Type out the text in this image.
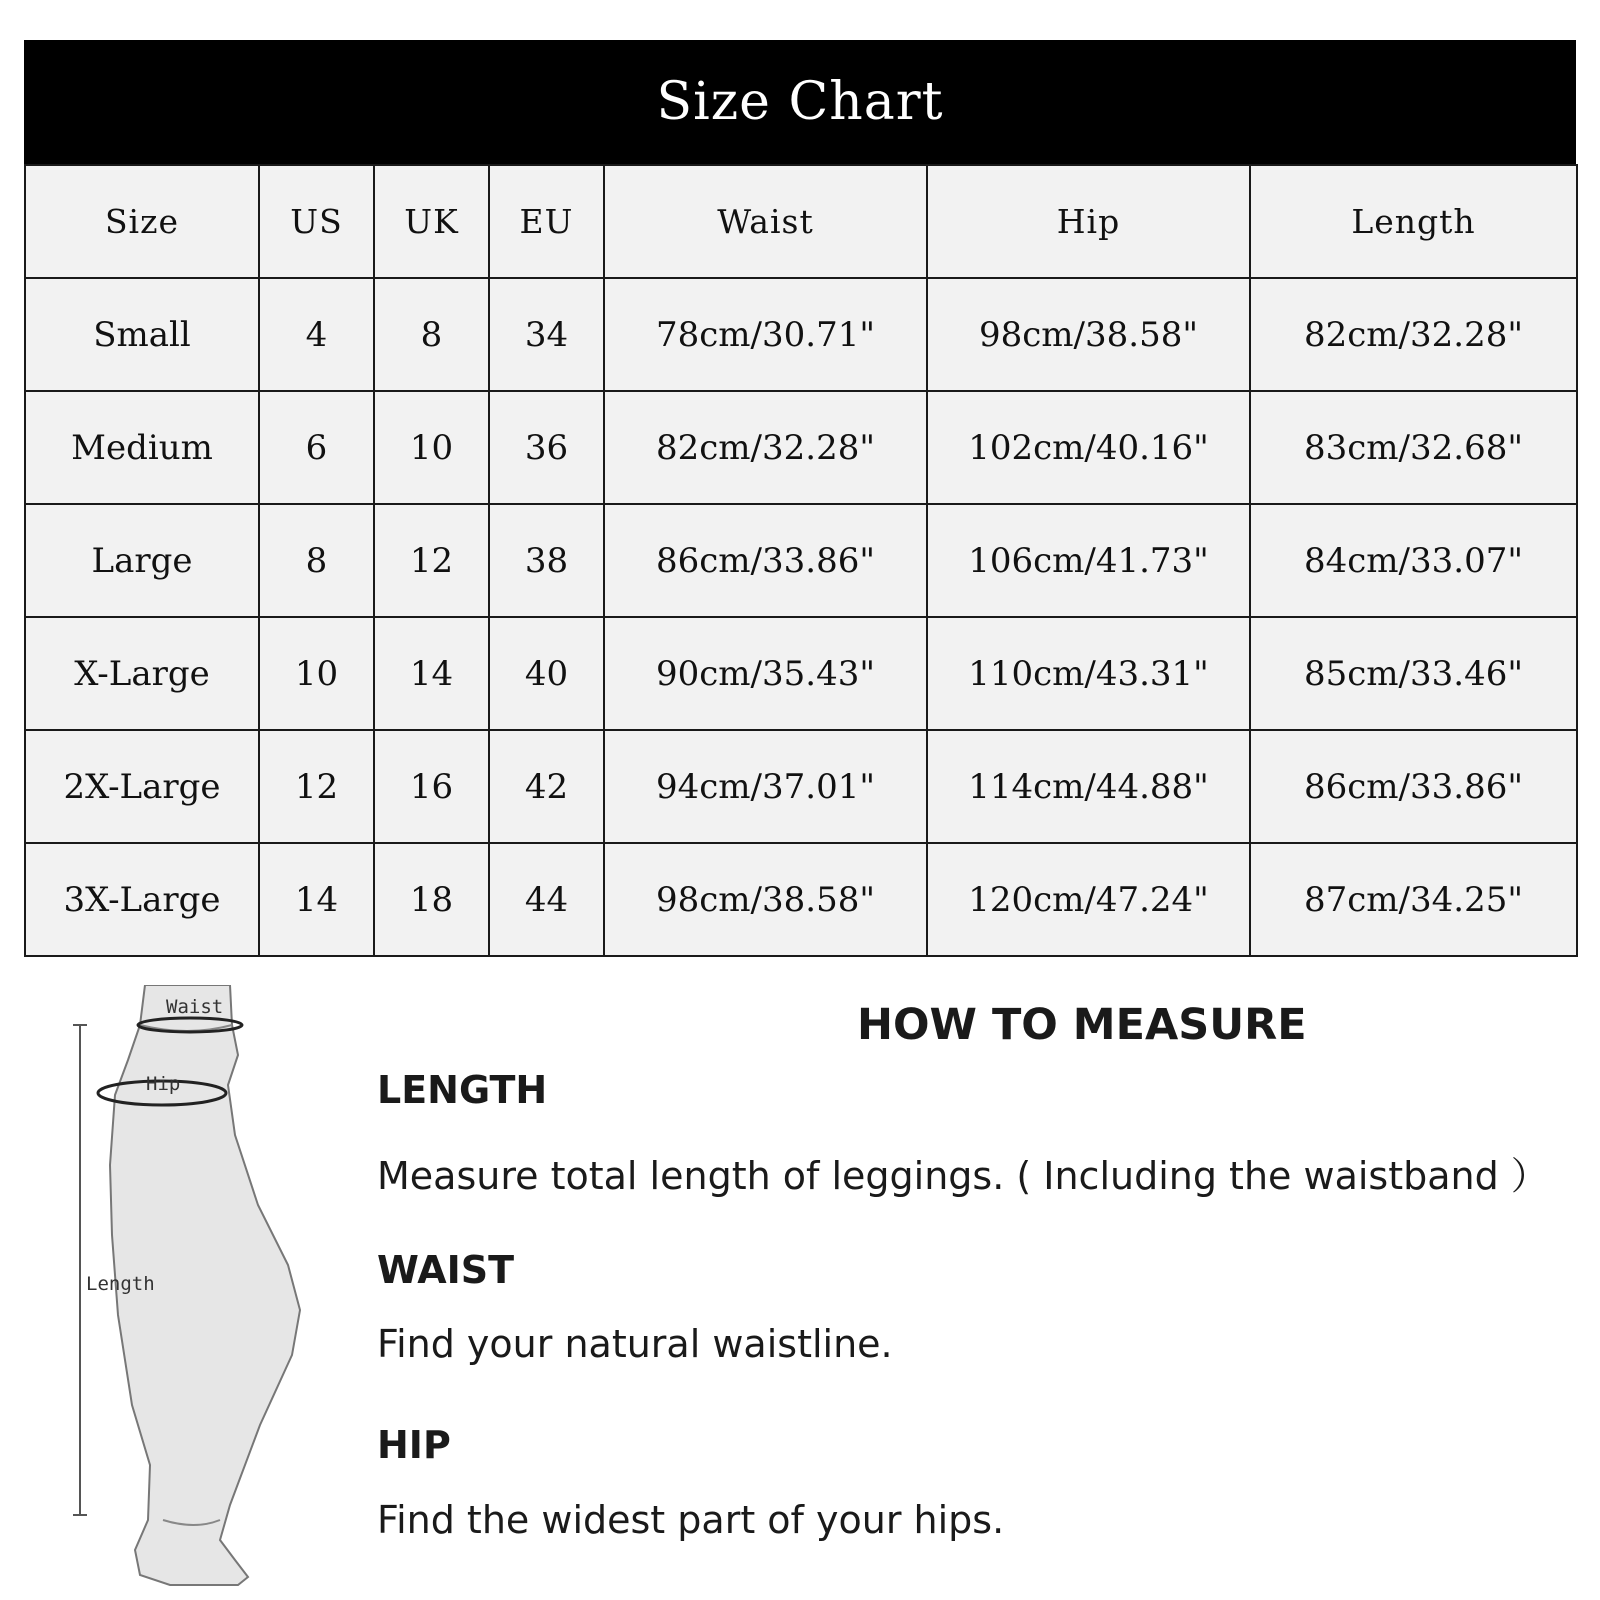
Size Chart
Size	US	UK	EU	Waist	Hip	Length
Small	4	8	34	78cm/30.71"	98cm/38.58"	82cm/32.28"
Medium	6	10	36	82cm/32.28"	102cm/40.16"	83cm/32.68"
Large	8	12	38	86cm/33.86"	106cm/41.73"	84cm/33.07"
X-Large	10	14	40	90cm/35.43"	110cm/43.31"	85cm/33.46"
2X-Large	12	16	42	94cm/37.01"	114cm/44.88"	86cm/33.86"
3X-Large	14	18	44	98cm/38.58"	120cm/47.24"	87cm/34.25"
Waist
Hip
Length
HOW TO MEASURE
LENGTH
Measure total length of leggings. ( Including the waistband ）
WAIST
Find your natural waistline.
HIP
Find the widest part of your hips.
